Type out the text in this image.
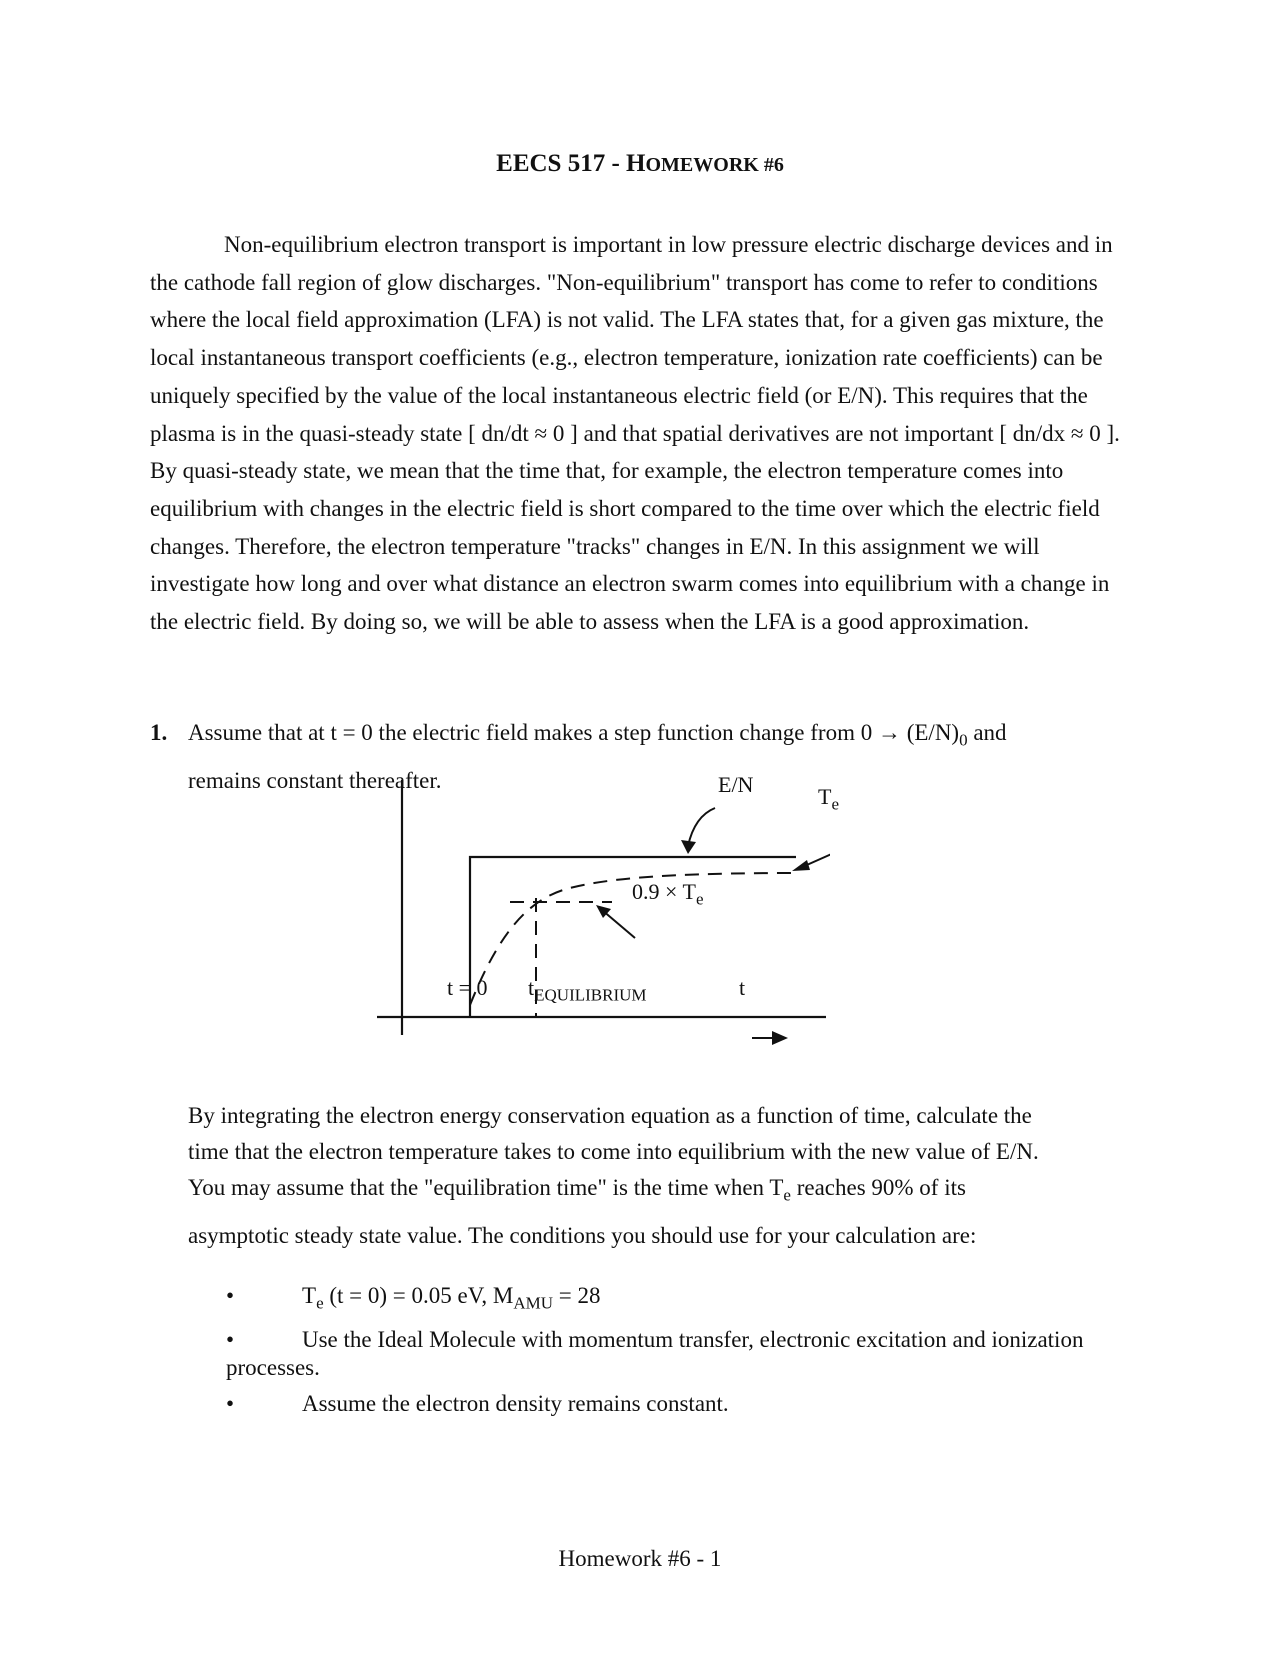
EECS 517 - HOMEWORK #6
Non-equilibrium electron transport is important in low pressure electric discharge devices and in the cathode fall region of glow discharges. "Non-equilibrium" transport has come to refer to conditions where the local field approximation (LFA) is not valid. The LFA states that, for a given gas mixture, the local instantaneous transport coefficients (e.g., electron temperature, ionization rate coefficients) can be uniquely specified by the value of the local instantaneous electric field (or E/N). This requires that the plasma is in the quasi-steady state [ dn/dt ≈ 0 ] and that spatial derivatives are not important [ dn/dx ≈ 0 ]. By quasi-steady state, we mean that the time that, for example, the electron temperature comes into equilibrium with changes in the electric field is short compared to the time over which the electric field changes. Therefore, the electron temperature "tracks" changes in E/N. In this assignment we will investigate how long and over what distance an electron swarm comes into equilibrium with a change in the electric field. By doing so, we will be able to assess when the LFA is a good approximation.
1. Assume that at t = 0 the electric field makes a step function change from $0 \to (E/N)_0$ and
remains constant thereafter.	E/N	$T_e$
$0.9 \times T_e$
t = 0 $t_{EQUILIBRIUM}$	t
By integrating the electron energy conservation equation as a function of time, calculate the
time that the electron temperature takes to come into equilibrium with the new value of E/N.
You may assume that the "equilibration time" is the time when $T_e$ reaches 90% of its
asymptotic steady state value. The conditions you should use for your calculation are:
•	$T_e$ (t = 0) = 0.05 eV, $M_{AMU} = 28$
•	Use the Ideal Molecule with momentum transfer, electronic excitation and ionization processes.
•	Assume the electron density remains constant.
Homework #6 - 1
